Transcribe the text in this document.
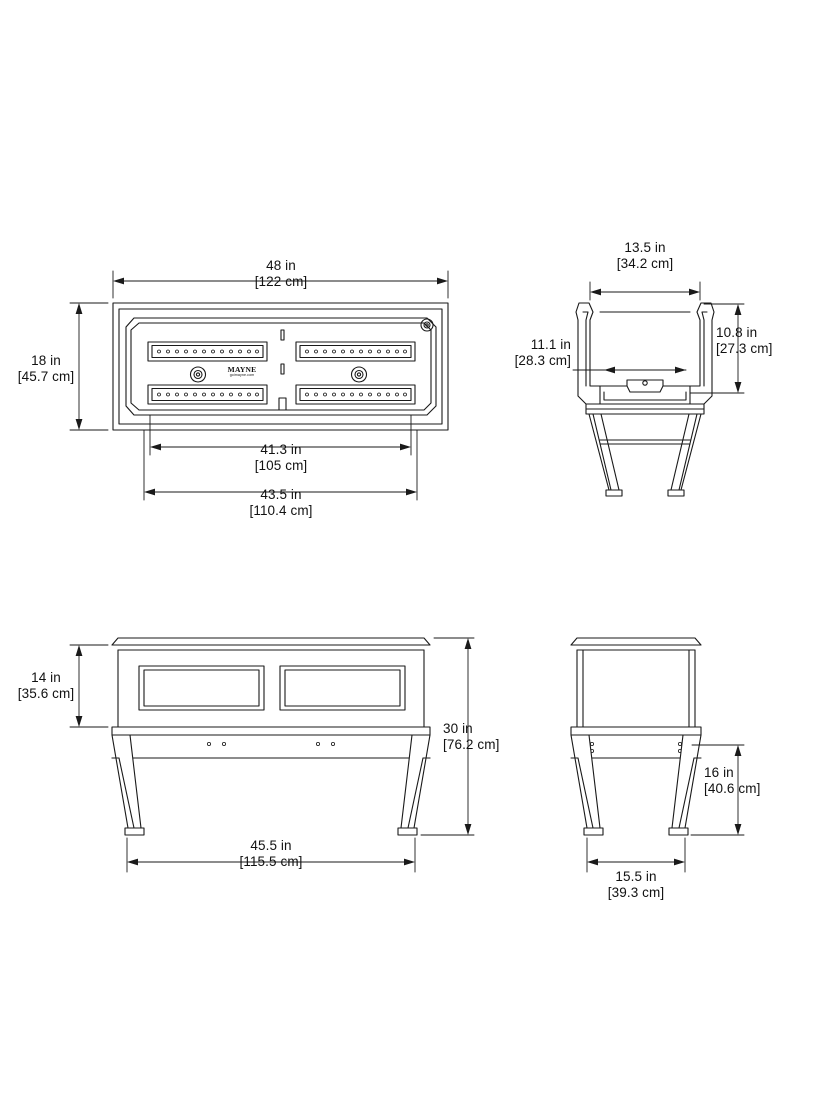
MAYNE
goimayne.com
48 in
[122 cm]
18 in
[45.7 cm]
41.3 in
[105 cm]
43.5 in
[110.4 cm]
13.5 in
[34.2 cm]
10.8 in
[27.3 cm]
11.1 in
[28.3 cm]
14 in
[35.6 cm]
30 in
[76.2 cm]
45.5 in
[115.5 cm]
16 in
[40.6 cm]
15.5 in
[39.3 cm]
